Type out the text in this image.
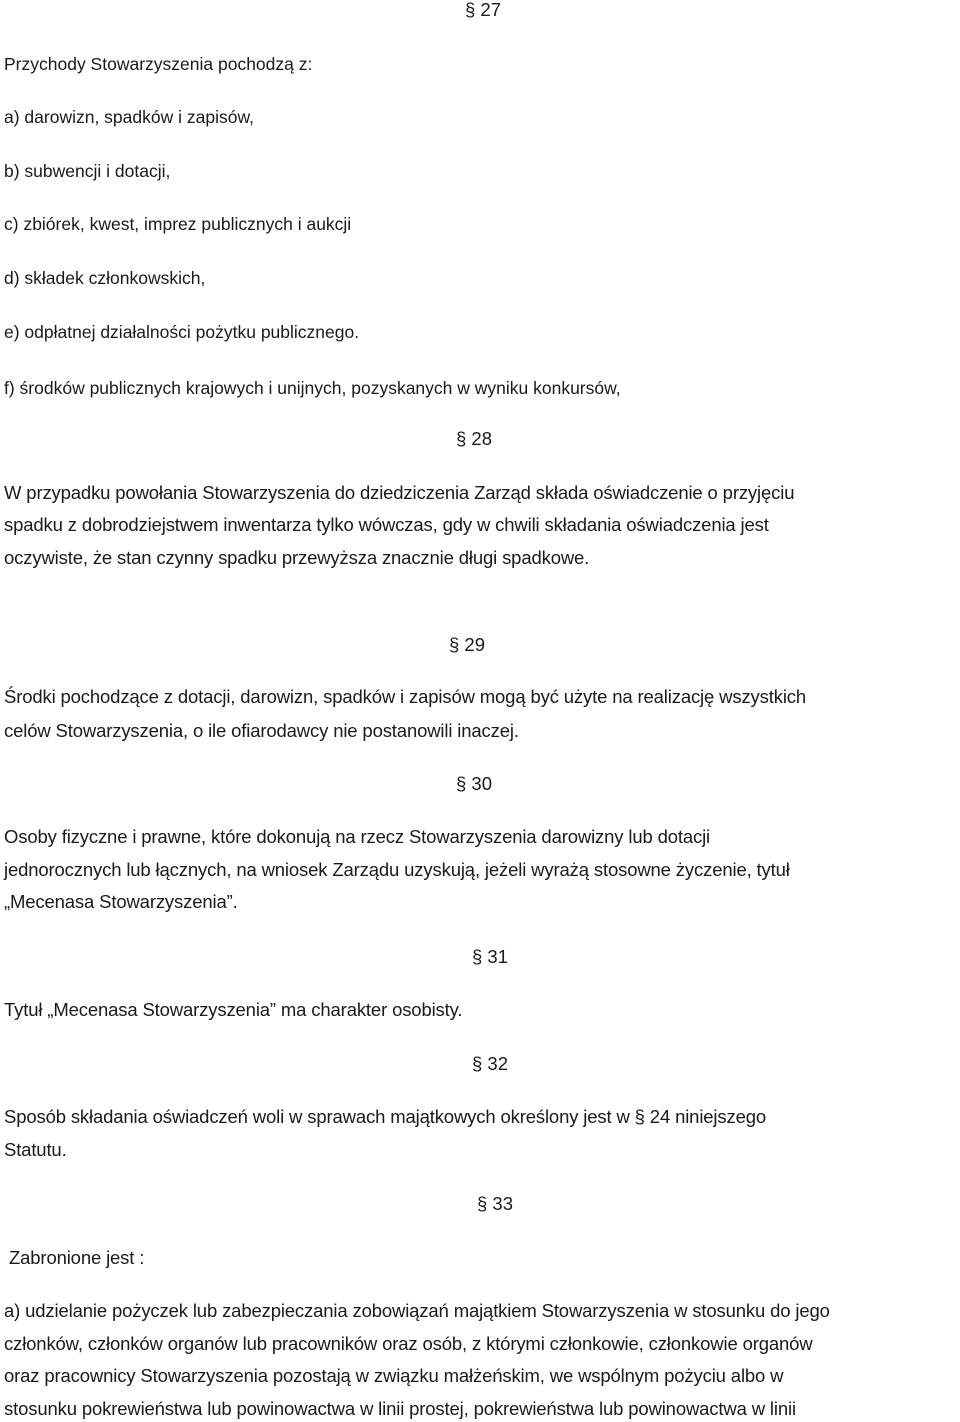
§ 27
Przychody Stowarzyszenia pochodzą z:
a) darowizn, spadków i zapisów,
b) subwencji i dotacji,
c) zbiórek, kwest, imprez publicznych i aukcji
d) składek członkowskich,
e) odpłatnej działalności pożytku publicznego.
f) środków publicznych krajowych i unijnych, pozyskanych w wyniku konkursów,
§ 28
W przypadku powołania Stowarzyszenia do dziedziczenia Zarząd składa oświadczenie o przyjęciu
spadku z dobrodziejstwem inwentarza tylko wówczas, gdy w chwili składania oświadczenia jest
oczywiste, że stan czynny spadku przewyższa znacznie długi spadkowe.
§ 29
Środki pochodzące z dotacji, darowizn, spadków i zapisów mogą być użyte na realizację wszystkich
celów Stowarzyszenia, o ile ofiarodawcy nie postanowili inaczej.
§ 30
Osoby fizyczne i prawne, które dokonują na rzecz Stowarzyszenia darowizny lub dotacji
jednorocznych lub łącznych, na wniosek Zarządu uzyskują, jeżeli wyrażą stosowne życzenie, tytuł
„Mecenasa Stowarzyszenia”.
§ 31
Tytuł „Mecenasa Stowarzyszenia” ma charakter osobisty.
§ 32
Sposób składania oświadczeń woli w sprawach majątkowych określony jest w § 24 niniejszego
Statutu.
§ 33
Zabronione jest :
a) udzielanie pożyczek lub zabezpieczania zobowiązań majątkiem Stowarzyszenia w stosunku do jego
członków, członków organów lub pracowników oraz osób, z którymi członkowie, członkowie organów
oraz pracownicy Stowarzyszenia pozostają w związku małżeńskim, we wspólnym pożyciu albo w
stosunku pokrewieństwa lub powinowactwa w linii prostej, pokrewieństwa lub powinowactwa w linii
